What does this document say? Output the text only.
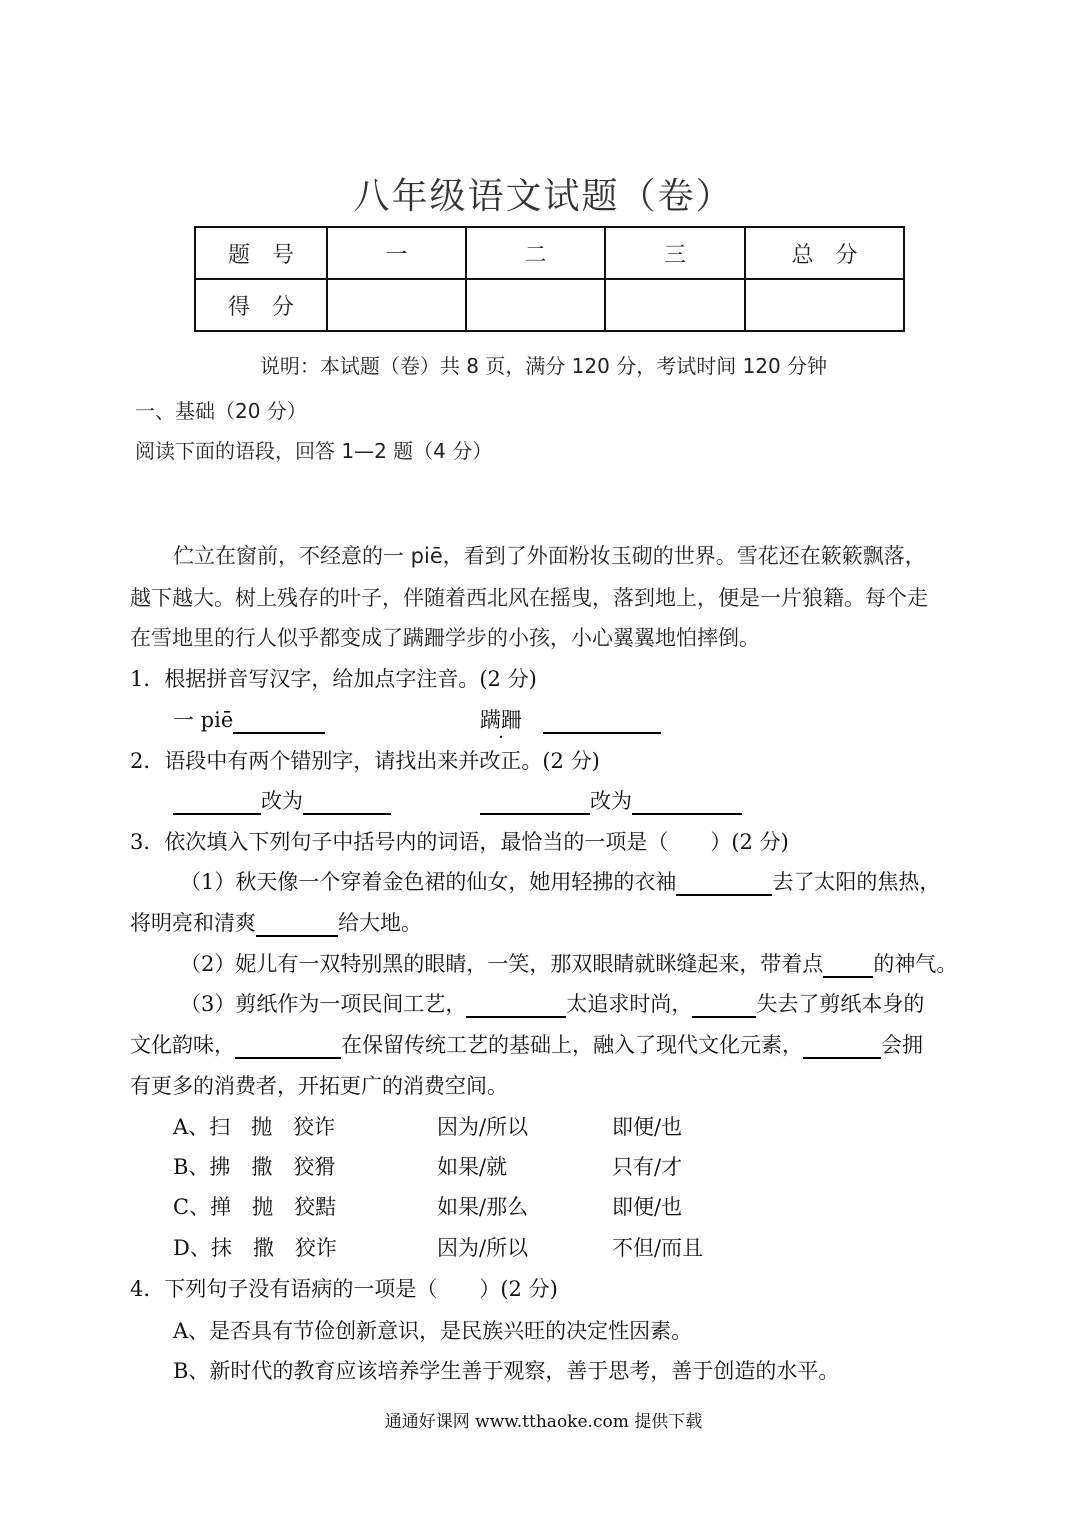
八年级语文试题（卷）
题　号	一	二	三	总　分
得　分				
说明：本试题（卷）共 8 页，满分 120 分，考试时间 120 分钟
一、基础（20 分）
阅读下面的语段，回答 1—2 题（4 分）
伫立在窗前，不经意的一 piē，看到了外面粉妆玉砌的世界。雪花还在簌簌飘落，
越下越大。树上残存的叶子，伴随着西北风在摇曳，落到地上，便是一片狼籍。每个走
在雪地里的行人似乎都变成了蹒跚学步的小孩，小心翼翼地怕摔倒。
1．根据拼音写汉字，给加点字注音。(2 分)
一 piē	蹒跚　
2．语段中有两个错别字，请找出来并改正。(2 分)
改为	改为
3．依次填入下列句子中括号内的词语，最恰当的一项是（　　）(2 分)
（1）秋天像一个穿着金色裙的仙女，她用轻拂的衣袖	去了太阳的焦热，
将明亮和清爽	给大地。
（2）妮儿有一双特别黑的眼睛，一笑，那双眼睛就眯缝起来，带着点 的神气。
（3）剪纸作为一项民间工艺，	太追求时尚，	失去了剪纸本身的
文化韵味，	在保留传统工艺的基础上，融入了现代文化元素，	会拥
有更多的消费者，开拓更广的消费空间。
A、扫　抛　狡诈	因为/所以	即便/也
B、拂　撒　狡猾	如果/就	只有/才
C、掸　抛　狡黠	如果/那么	即便/也
D、抹　撒　狡诈	因为/所以	不但/而且
4．下列句子没有语病的一项是（　　）(2 分)
A、是否具有节俭创新意识，是民族兴旺的决定性因素。
B、新时代的教育应该培养学生善于观察，善于思考，善于创造的水平。
通通好课网 www.tthaoke.com 提供下载
